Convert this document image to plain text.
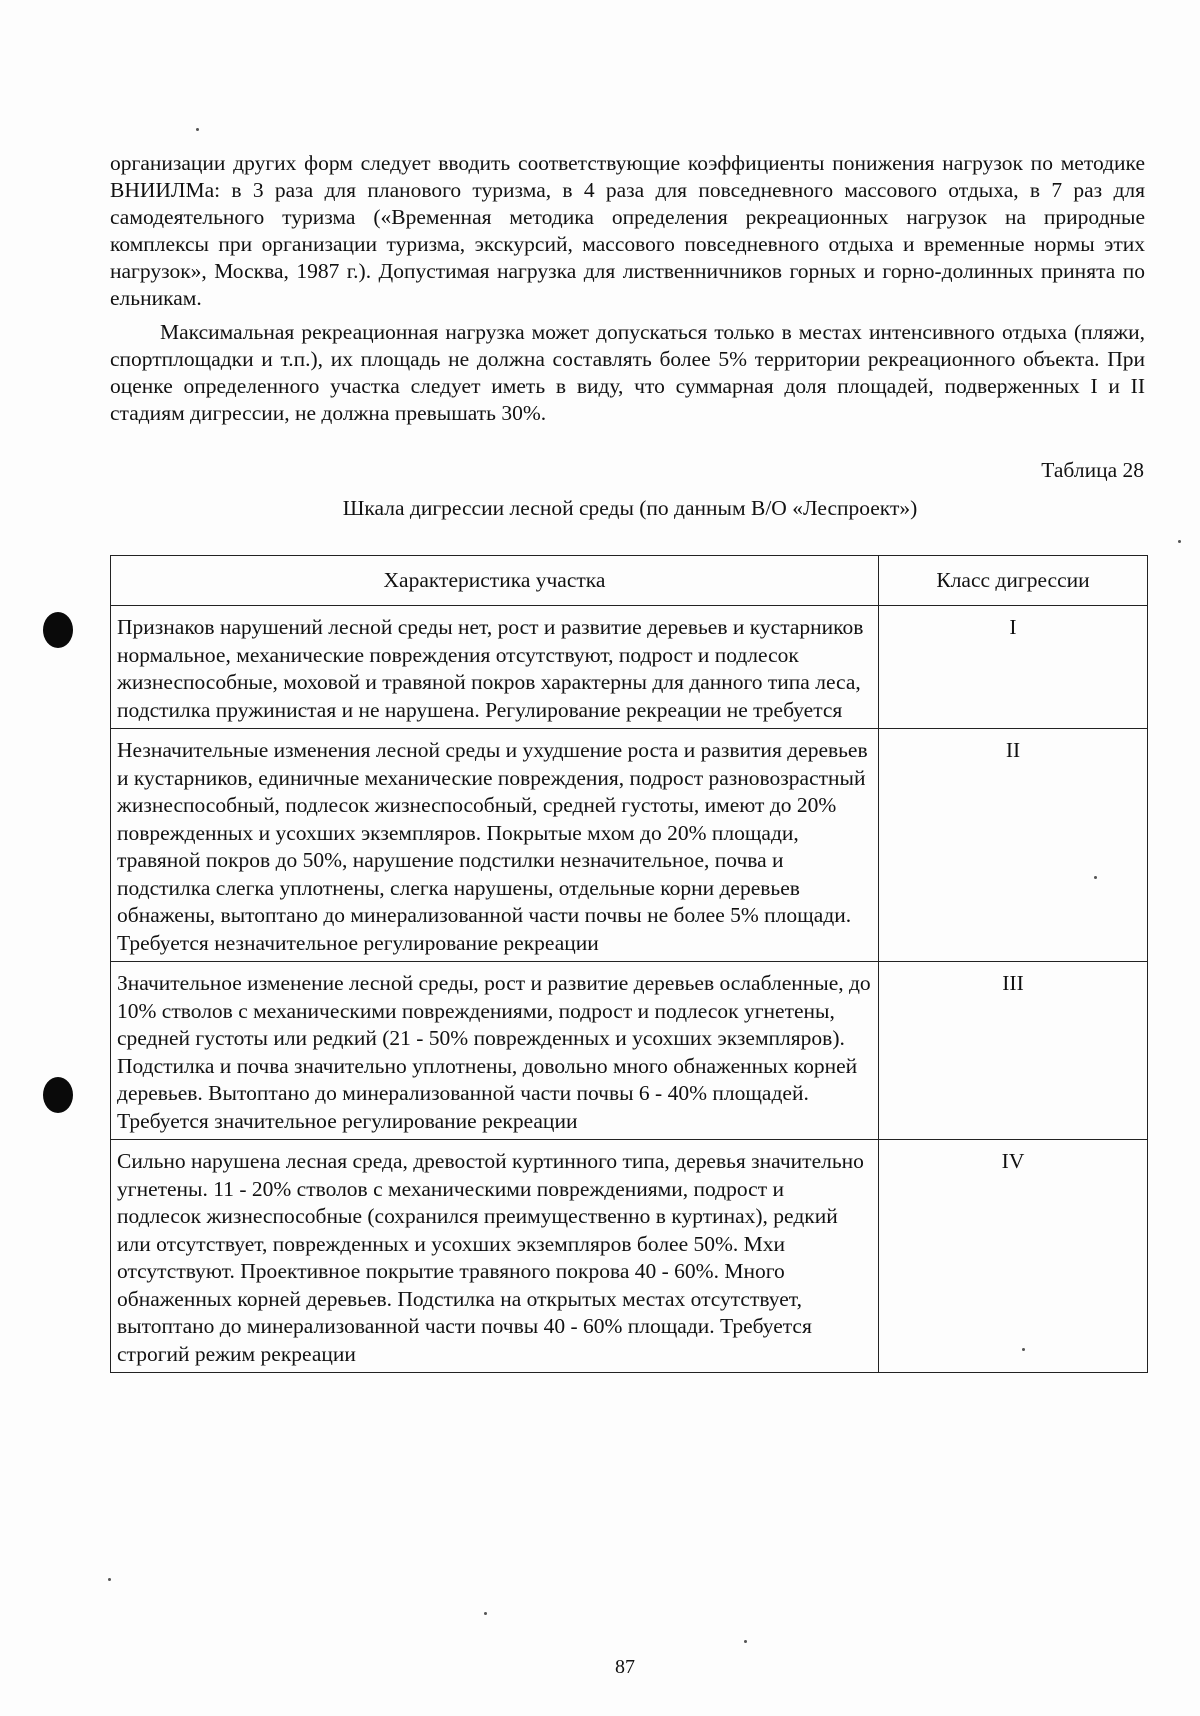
организации других форм следует вводить соответствующие коэффициенты понижения нагрузок по методике ВНИИЛМа: в 3 раза для планового туризма, в 4 раза для повседневного массового отдыха, в 7 раз для самодеятельного туризма («Временная методика определения рекреационных нагрузок на природные комплексы при организации туризма, экскурсий, массового повседневного отдыха и временные нормы этих нагрузок», Москва, 1987 г.). Допустимая нагрузка для лиственничников горных и горно-долинных принята по ельникам.

Максимальная рекреационная нагрузка может допускаться только в местах интенсивного отдыха (пляжи, спортплощадки и т.п.), их площадь не должна составлять более 5% территории рекреационного объекта. При оценке определенного участка следует иметь в виду, что суммарная доля площадей, подверженных I и II стадиям дигрессии, не должна превышать 30%.

Таблица 28

Шкала дигрессии лесной среды (по данным В/О «Леспроект»)

Характеристика участка	Класс дигрессии
Признаков нарушений лесной среды нет, рост и развитие деревьев и кустарников нормальное, механические повреждения отсутствуют, подрост и подлесок жизнеспособные, моховой и травяной покров характерны для данного типа леса, подстилка пружинистая и не нарушена. Регулирование рекреации не требуется	I
Незначительные изменения лесной среды и ухудшение роста и развития деревьев и кустарников, единичные механические повреждения, подрост разновозрастный жизнеспособный, подлесок жизнеспособный, средней густоты, имеют до 20% поврежденных и усохших экземпляров. Покрытые мхом до 20% площади, травяной покров до 50%, нарушение подстилки незначительное, почва и подстилка слегка уплотнены, слегка нарушены, отдельные корни деревьев обнажены, вытоптано до минерализованной части почвы не более 5% площади. Требуется незначительное регулирование рекреации	II
Значительное изменение лесной среды, рост и развитие деревьев ослабленные, до 10% стволов с механическими повреждениями, подрост и подлесок угнетены, средней густоты или редкий (21 - 50% поврежденных и усохших экземпляров). Подстилка и почва значительно уплотнены, довольно много обнаженных корней деревьев. Вытоптано до минерализованной части почвы 6 - 40% площадей. Требуется значительное регулирование рекреации	III
Сильно нарушена лесная среда, древостой куртинного типа, деревья значительно угнетены. 11 - 20% стволов с механическими повреждениями, подрост и подлесок жизнеспособные (сохранился преимущественно в куртинах), редкий или отсутствует, поврежденных и усохших экземпляров более 50%. Мхи отсутствуют. Проективное покрытие травяного покрова 40 - 60%. Много обнаженных корней деревьев. Подстилка на открытых местах отсутствует, вытоптано до минерализованной части почвы 40 - 60% площади. Требуется строгий режим рекреации	IV

87
